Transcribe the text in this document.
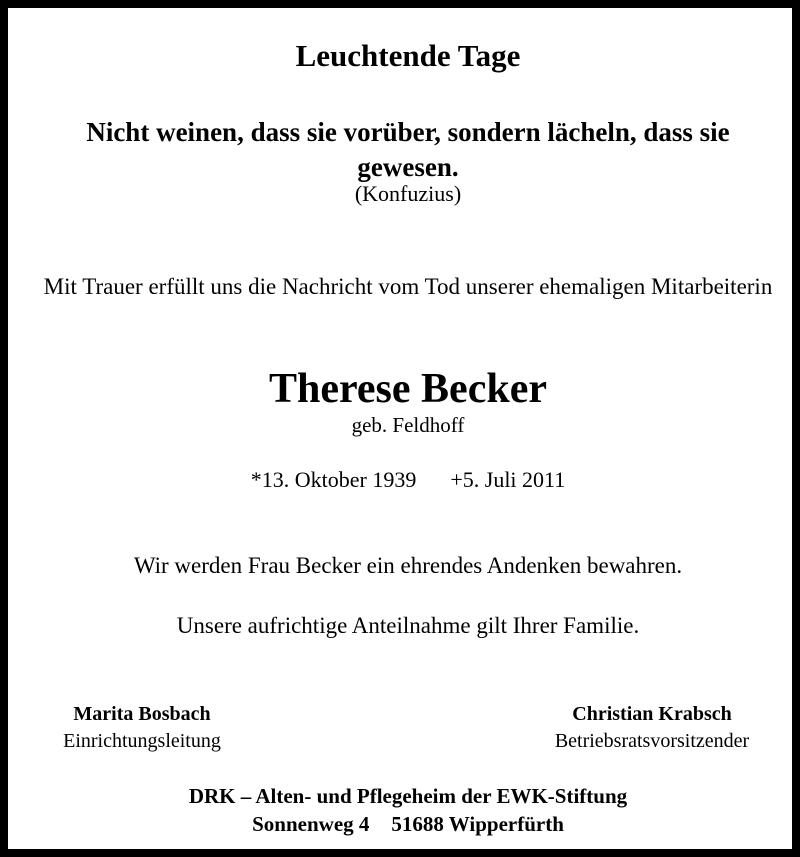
Leuchtende Tage
Nicht weinen, dass sie vorüber, sondern lächeln, dass sie gewesen.
(Konfuzius)
Mit Trauer erfüllt uns die Nachricht vom Tod unserer ehemaligen Mitarbeiterin
Therese Becker
geb. Feldhoff
*13. Oktober 1939 +5. Juli 2011
Wir werden Frau Becker ein ehrendes Andenken bewahren.
Unsere aufrichtige Anteilnahme gilt Ihrer Familie.
Marita Bosbach
Einrichtungsleitung
Christian Krabsch
Betriebsratsvorsitzender
DRK – Alten- und Pflegeheim der EWK-Stiftung
Sonnenweg 4 51688 Wipperfürth
